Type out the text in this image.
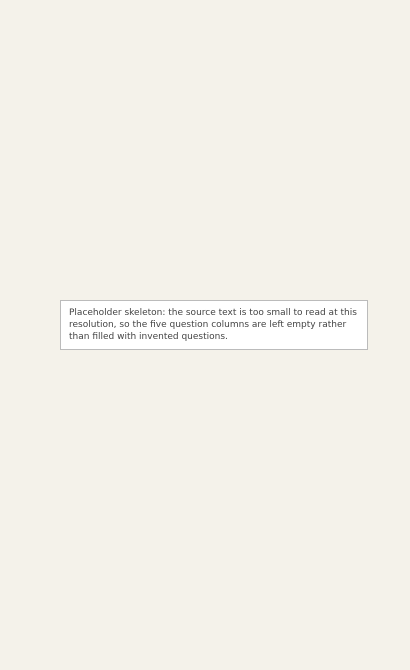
Placeholder skeleton: the source text is too small to read at this resolution, so the five question columns are left empty rather than filled with invented questions.
